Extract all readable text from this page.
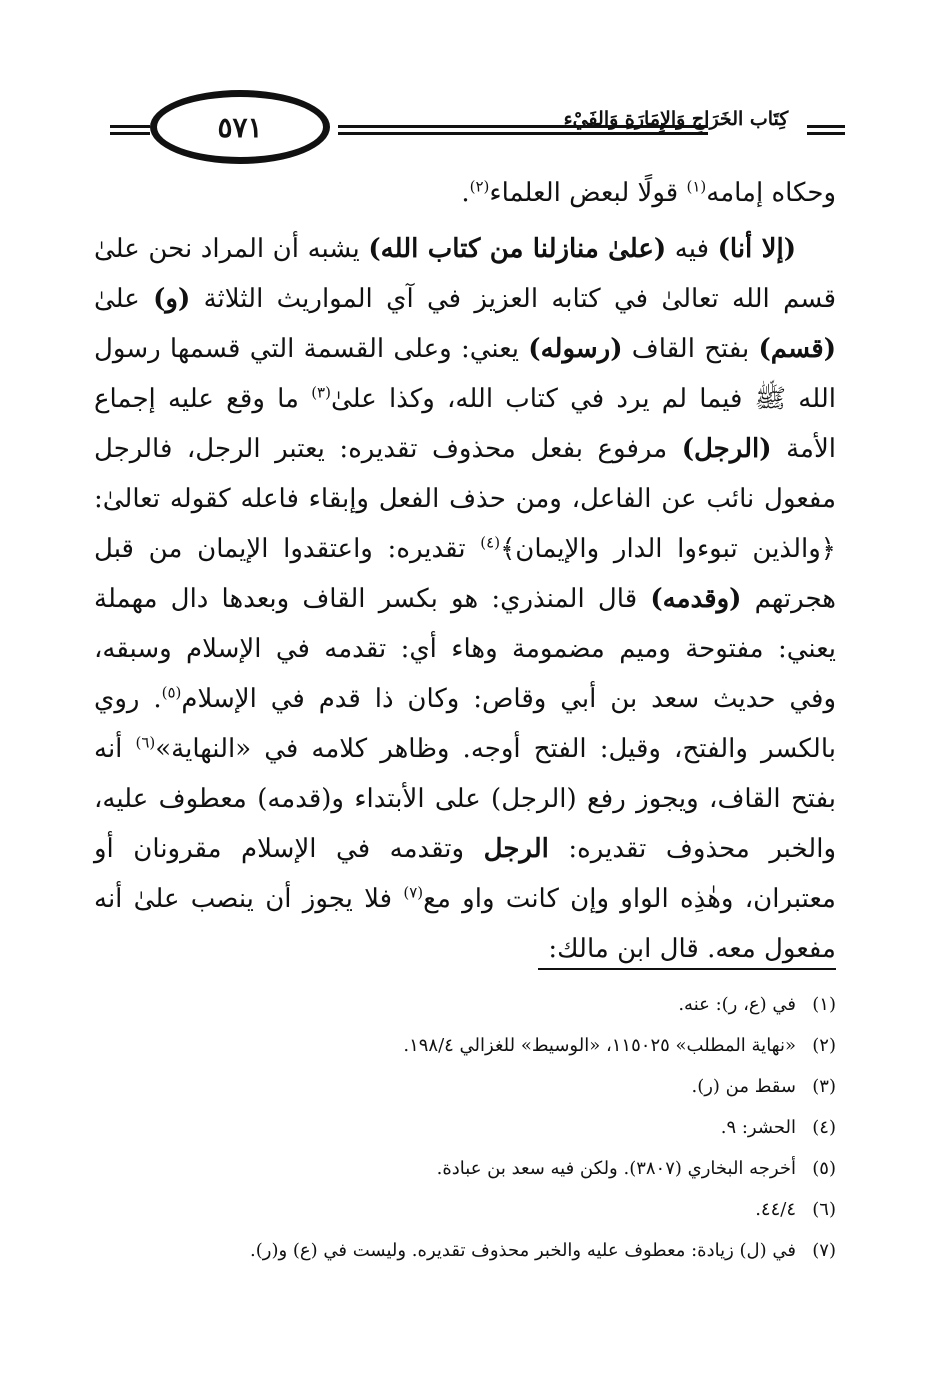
٥٧١	كِتَاب الخَرَاجِ وَالإِمَارَةِ وَالفَيْءِ

وحكاه إمامه$^{(١)}$ قولًا لبعض العلماء$^{(٢)}$.

(إلا أنا) فيه (علىٰ منازلنا من كتاب الله) يشبه أن المراد نحن علىٰ قسم الله تعالىٰ في كتابه العزيز في آي المواريث الثلاثة (و) علىٰ (قسم) بفتح القاف (رسوله) يعني: وعلى القسمة التي قسمها رسول الله ﷺ فيما لم يرد في كتاب الله، وكذا علىٰ$^{(٣)}$ ما وقع عليه إجماع الأمة (الرجل) مرفوع بفعل محذوف تقديره: يعتبر الرجل، فالرجل مفعول نائب عن الفاعل، ومن حذف الفعل وإبقاء فاعله كقوله تعالىٰ: ﴿والذين تبوءوا الدار والإيمان﴾$^{(٤)}$ تقديره: واعتقدوا الإيمان من قبل هجرتهم (وقدمه) قال المنذري: هو بكسر القاف وبعدها دال مهملة يعني: مفتوحة وميم مضمومة وهاء أي: تقدمه في الإسلام وسبقه، وفي حديث سعد بن أبي وقاص: وكان ذا قدم في الإسلام$^{(٥)}$. روي بالكسر والفتح، وقيل: الفتح أوجه. وظاهر كلامه في «النهاية»$^{(٦)}$ أنه بفتح القاف، ويجوز رفع (الرجل) على الأبتداء و(قدمه) معطوف عليه، والخبر محذوف تقديره: الرجل وتقدمه في الإسلام مقرونان أو معتبران، وهٰذِه الواو وإن كانت واو مع$^{(٧)}$ فلا يجوز أن ينصب علىٰ أنه مفعول معه. قال ابن مالك:

(١)في (ع، ر): عنه.
(٢)«نهاية المطلب» ١١٥٠٢٥، «الوسيط» للغزالي ١٩٨/٤.
(٣)سقط من (ر).
(٤)الحشر: ٩.
(٥)أخرجه البخاري (٣٨٠٧). ولكن فيه سعد بن عبادة.
(٦)٤٤/٤.
(٧)في (ل) زيادة: معطوف عليه والخبر محذوف تقديره. وليست في (ع) و(ر).
